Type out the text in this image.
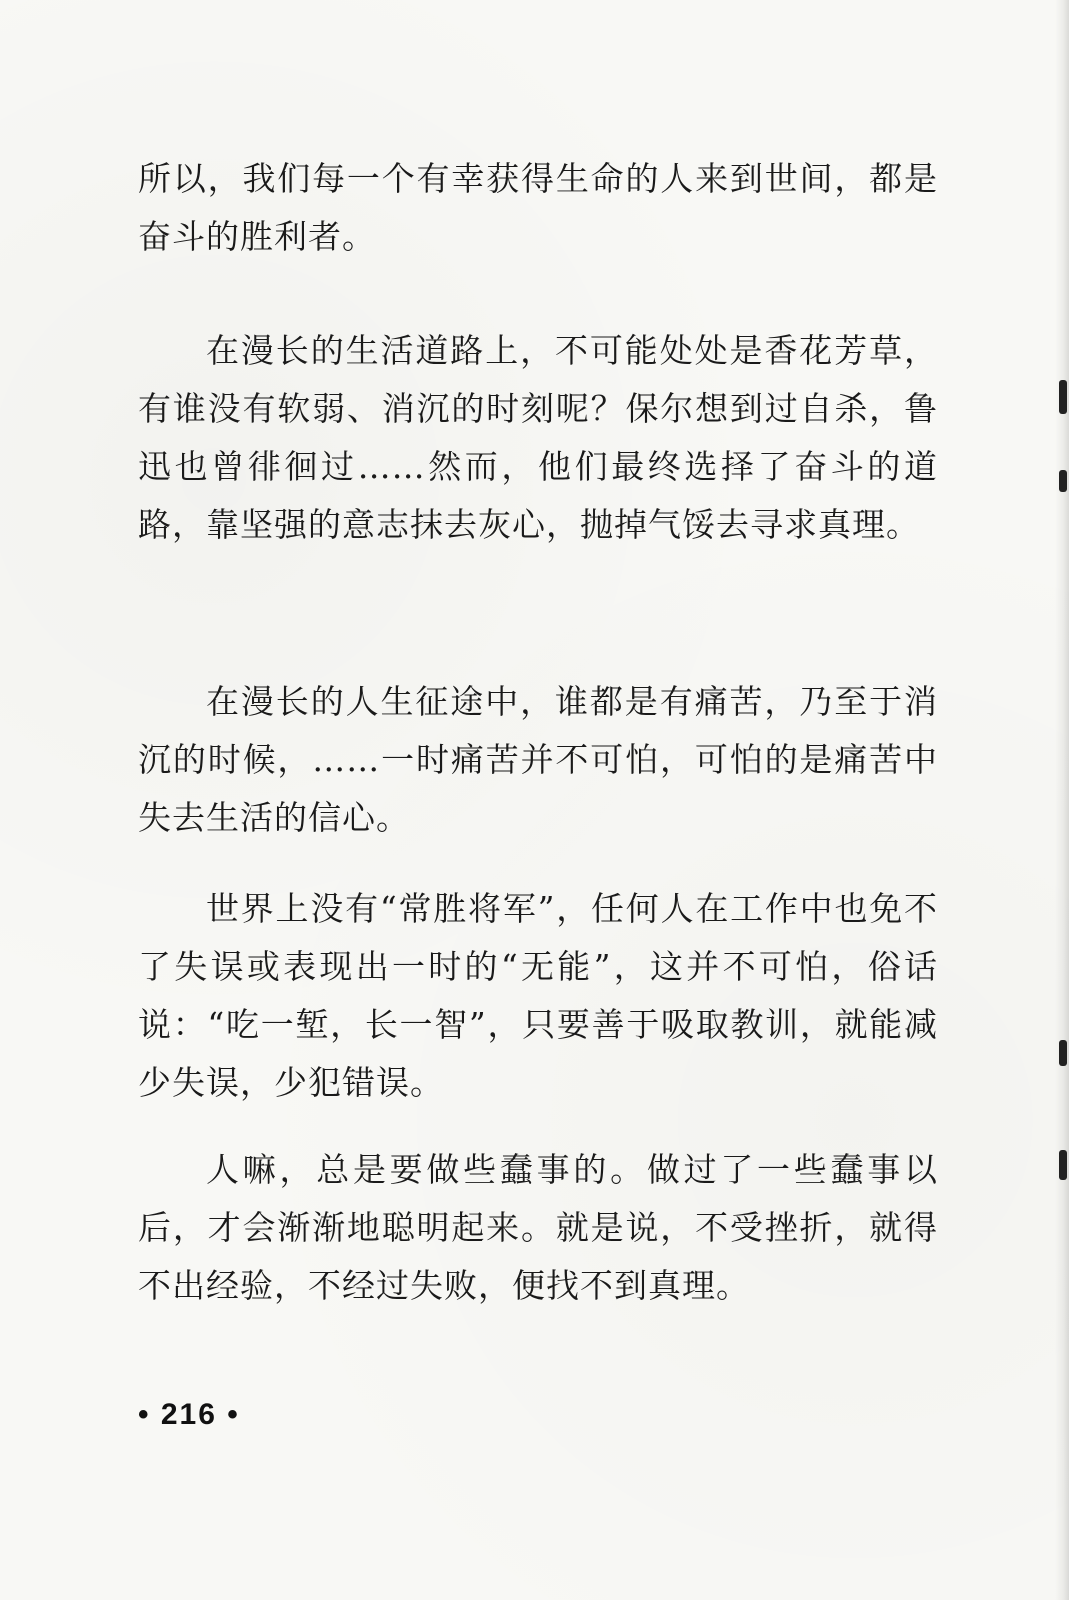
所以，我们每一个有幸获得生命的人来到世间，都是奋斗的胜利者。

在漫长的生活道路上，不可能处处是香花芳草，有谁没有软弱、消沉的时刻呢？保尔想到过自杀，鲁迅也曾徘徊过……然而，他们最终选择了奋斗的道路，靠坚强的意志抹去灰心，抛掉气馁去寻求真理。

在漫长的人生征途中，谁都是有痛苦，乃至于消沉的时候，……一时痛苦并不可怕，可怕的是痛苦中失去生活的信心。

世界上没有“常胜将军”，任何人在工作中也免不了失误或表现出一时的“无能”，这并不可怕，俗话说：“吃一堑，长一智”，只要善于吸取教训，就能减少失误，少犯错误。

人嘛，总是要做些蠢事的。做过了一些蠢事以后，才会渐渐地聪明起来。就是说，不受挫折，就得不出经验，不经过失败，便找不到真理。

• 216 •
